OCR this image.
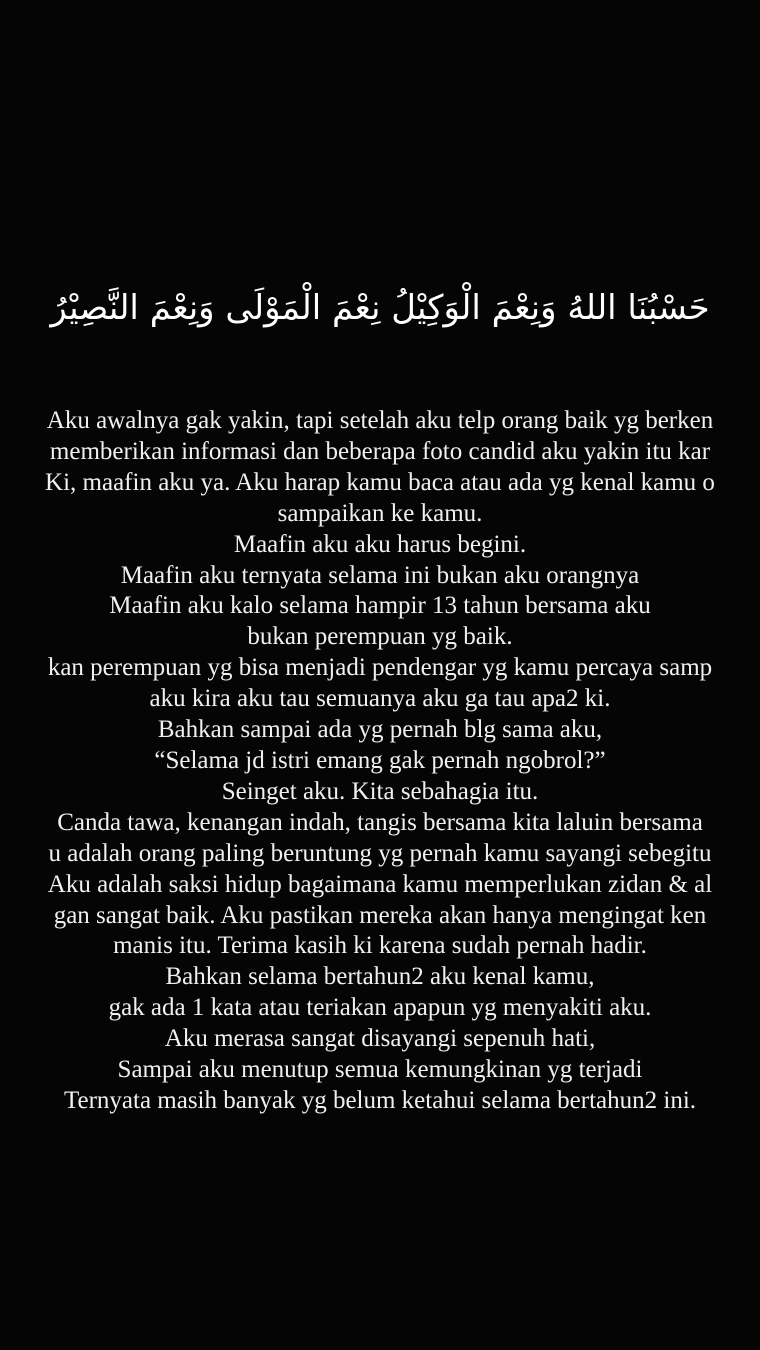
حَسْبُنَا اللهُ وَنِعْمَ الْوَكِيْلُ نِعْمَ الْمَوْلَى وَنِعْمَ النَّصِيْرُ
Aku awalnya gak yakin, tapi setelah aku telp orang baik yg berken
memberikan informasi dan beberapa foto candid aku yakin itu kar
Ki, maafin aku ya. Aku harap kamu baca atau ada yg kenal kamu o
sampaikan ke kamu.
Maafin aku aku harus begini.
Maafin aku ternyata selama ini bukan aku orangnya
Maafin aku kalo selama hampir 13 tahun bersama aku
bukan perempuan yg baik.
kan perempuan yg bisa menjadi pendengar yg kamu percaya samp
aku kira aku tau semuanya aku ga tau apa2 ki.
Bahkan sampai ada yg pernah blg sama aku,
“Selama jd istri emang gak pernah ngobrol?”
Seinget aku. Kita sebahagia itu.
Canda tawa, kenangan indah, tangis bersama kita laluin bersama
u adalah orang paling beruntung yg pernah kamu sayangi sebegitu
Aku adalah saksi hidup bagaimana kamu memperlukan zidan & al
gan sangat baik. Aku pastikan mereka akan hanya mengingat ken
manis itu. Terima kasih ki karena sudah pernah hadir.
Bahkan selama bertahun2 aku kenal kamu,
gak ada 1 kata atau teriakan apapun yg menyakiti aku.
Aku merasa sangat disayangi sepenuh hati,
Sampai aku menutup semua kemungkinan yg terjadi
Ternyata masih banyak yg belum ketahui selama bertahun2 ini.
